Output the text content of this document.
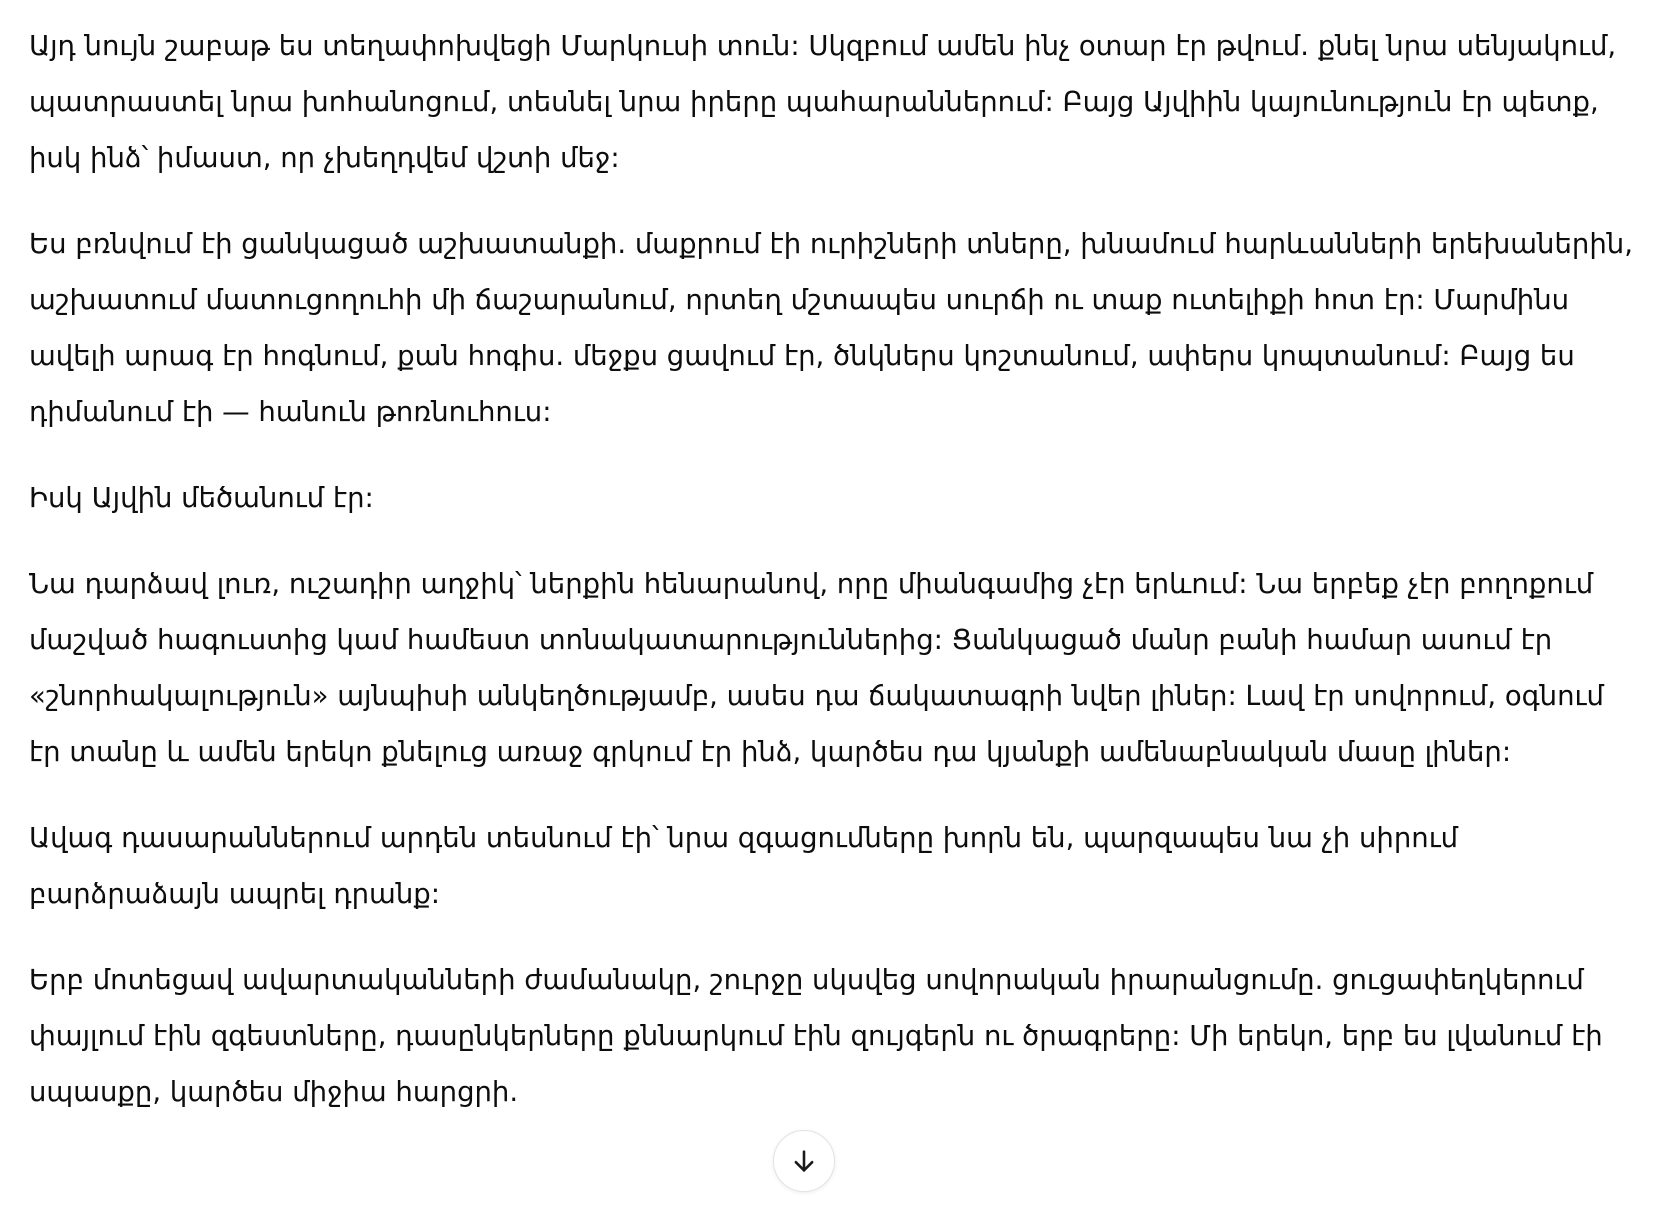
Այդ նույն շաբաթ ես տեղափոխվեցի Մարկուսի տուն: Սկզբում ամեն ինչ օտար էր թվում. քնել նրա սենյակում, պատրաստել նրա խոհանոցում, տեսնել նրա իրերը պահարաններում: Բայց Այվիին կայունություն էր պետք, իսկ ինձ՝ իմաստ, որ չխեղդվեմ վշտի մեջ:

Ես բռնվում էի ցանկացած աշխատանքի. մաքրում էի ուրիշների տները, խնամում հարևանների երեխաներին, աշխատում մատուցողուհի մի ճաշարանում, որտեղ մշտապես սուրճի ու տաք ուտելիքի հոտ էր: Մարմինս ավելի արագ էր հոգնում, քան հոգիս. մեջքս ցավում էր, ծնկներս կոշտանում, ափերս կոպտանում: Բայց ես դիմանում էի — հանուն թոռնուհուս:

Իսկ Այվին մեծանում էր:

Նա դարձավ լուռ, ուշադիր աղջիկ՝ ներքին հենարանով, որը միանգամից չէր երևում: Նա երբեք չէր բողոքում մաշված հագուստից կամ համեստ տոնակատարություններից: Ցանկացած մանր բանի համար ասում էր «շնորհակալություն» այնպիսի անկեղծությամբ, ասես դա ճակատագրի նվեր լիներ: Լավ էր սովորում, օգնում էր տանը և ամեն երեկո քնելուց առաջ գրկում էր ինձ, կարծես դա կյանքի ամենաբնական մասը լիներ:

Ավագ դասարաններում արդեն տեսնում էի՝ նրա զգացումները խորն են, պարզապես նա չի սիրում բարձրաձայն ապրել դրանք:

Երբ մոտեցավ ավարտականների ժամանակը, շուրջը սկսվեց սովորական իրարանցումը. ցուցափեղկերում փայլում էին զգեստները, դասընկերները քննարկում էին զույգերն ու ծրագրերը: Մի երեկո, երբ ես լվանում էի սպասքը, կարծես միջիա հարցրի.
